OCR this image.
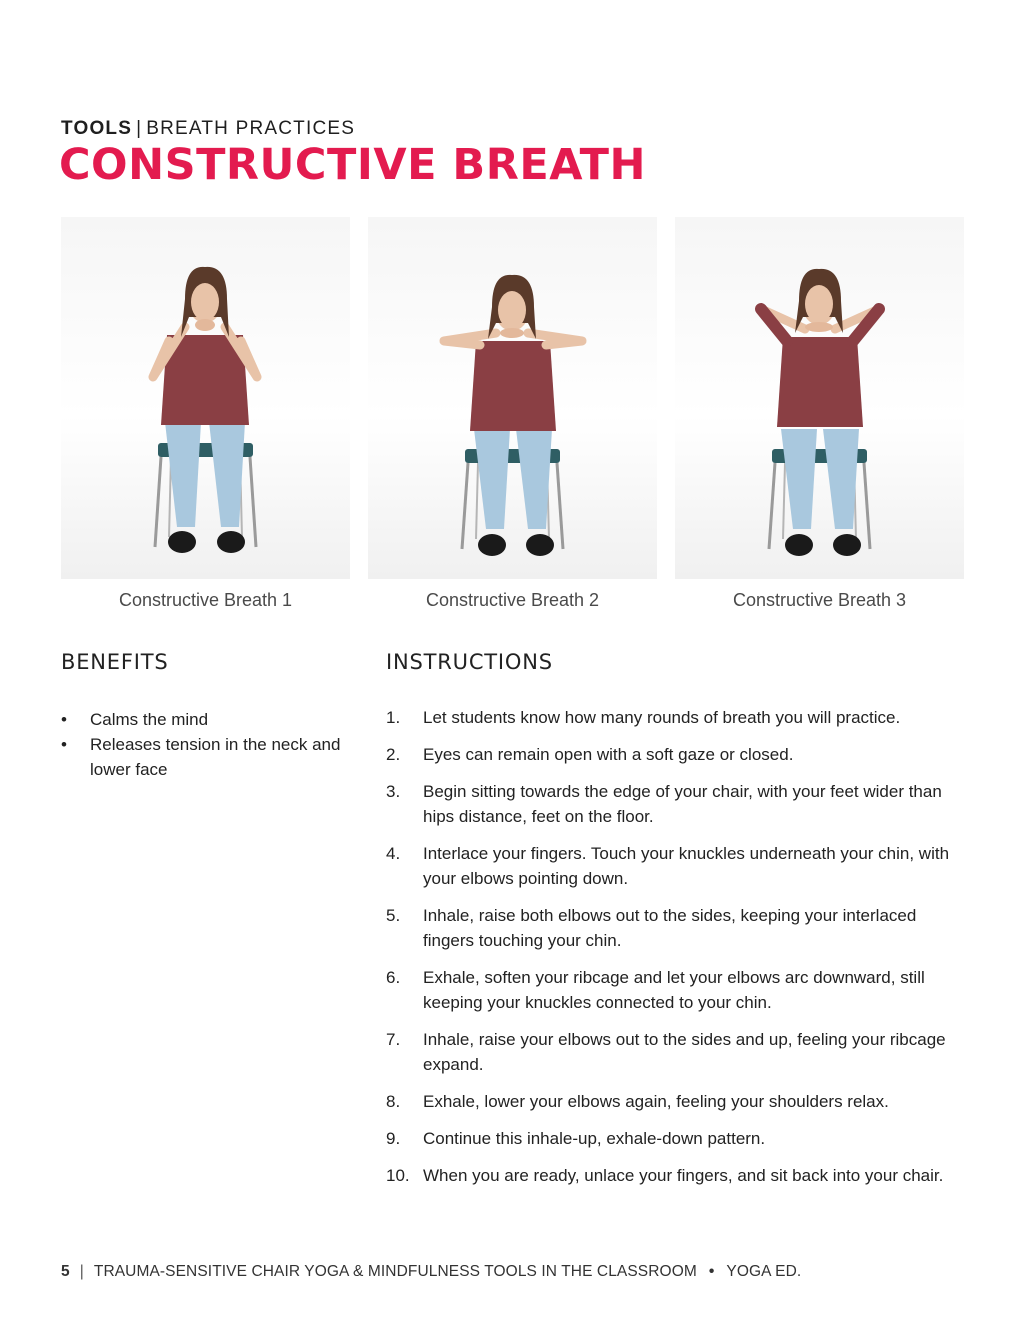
TOOLS | BREATH PRACTICES
CONSTRUCTIVE BREATH
Constructive Breath 1	Constructive Breath 2	Constructive Breath 3
BENEFITS
• Calms the mind
• Releases tension in the neck and lower face
INSTRUCTIONS
1. Let students know how many rounds of breath you will practice.
2. Eyes can remain open with a soft gaze or closed.
3. Begin sitting towards the edge of your chair, with your feet wider than hips distance, feet on the floor.
4. Interlace your fingers. Touch your knuckles underneath your chin, with your elbows pointing down.
5. Inhale, raise both elbows out to the sides, keeping your interlaced fingers touching your chin.
6. Exhale, soften your ribcage and let your elbows arc downward, still keeping your knuckles connected to your chin.
7. Inhale, raise your elbows out to the sides and up, feeling your ribcage expand.
8. Exhale, lower your elbows again, feeling your shoulders relax.
9. Continue this inhale-up, exhale-down pattern.
10. When you are ready, unlace your fingers, and sit back into your chair.
5 | TRAUMA-SENSITIVE CHAIR YOGA & MINDFULNESS TOOLS IN THE CLASSROOM • YOGA ED.
